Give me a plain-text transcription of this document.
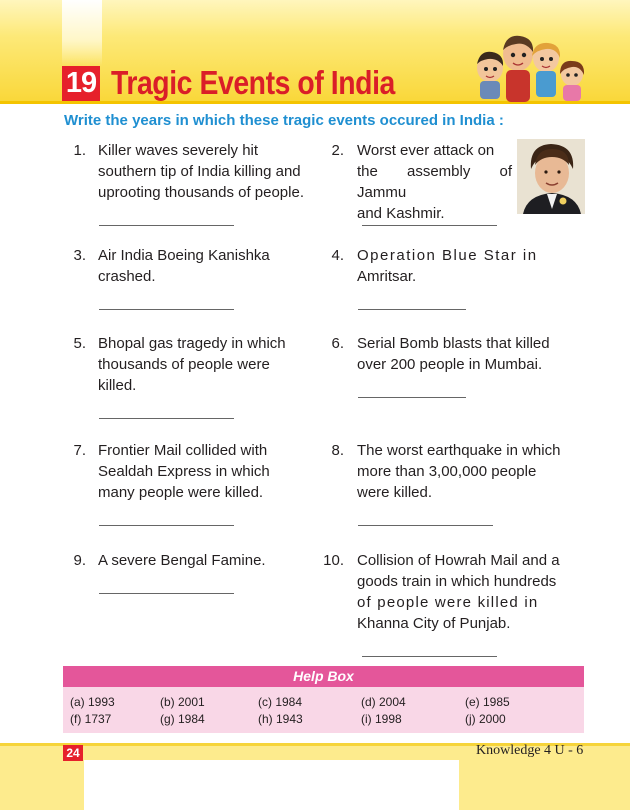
19 Tragic Events of India
Write the years in which these tragic events occured in India :
1. Killer waves severely hit
southern tip of India killing and
uprooting thousands of people.
2. Worst ever attack on
the assembly of Jammu
and Kashmir.
3. Air India Boeing Kanishka
crashed.
4. Operation Blue Star in
Amritsar.
5. Bhopal gas tragedy in which
thousands of people were
killed.
6. Serial Bomb blasts that killed
over 200 people in Mumbai.
7. Frontier Mail collided with
Sealdah Express in which
many people were killed.
8. The worst earthquake in which
more than 3,00,000 people
were killed.
9. A severe Bengal Famine.	10. Collision of Howrah Mail and a
goods train in which hundreds
of people were killed in
Khanna City of Punjab.
Help Box
(a) 1993	(b) 2001	(c) 1984	(d) 2004	(e) 1985
(f) 1737	(g) 1984	(h) 1943	(i) 1998	(j) 2000
24	Knowledge 4 U - 6
